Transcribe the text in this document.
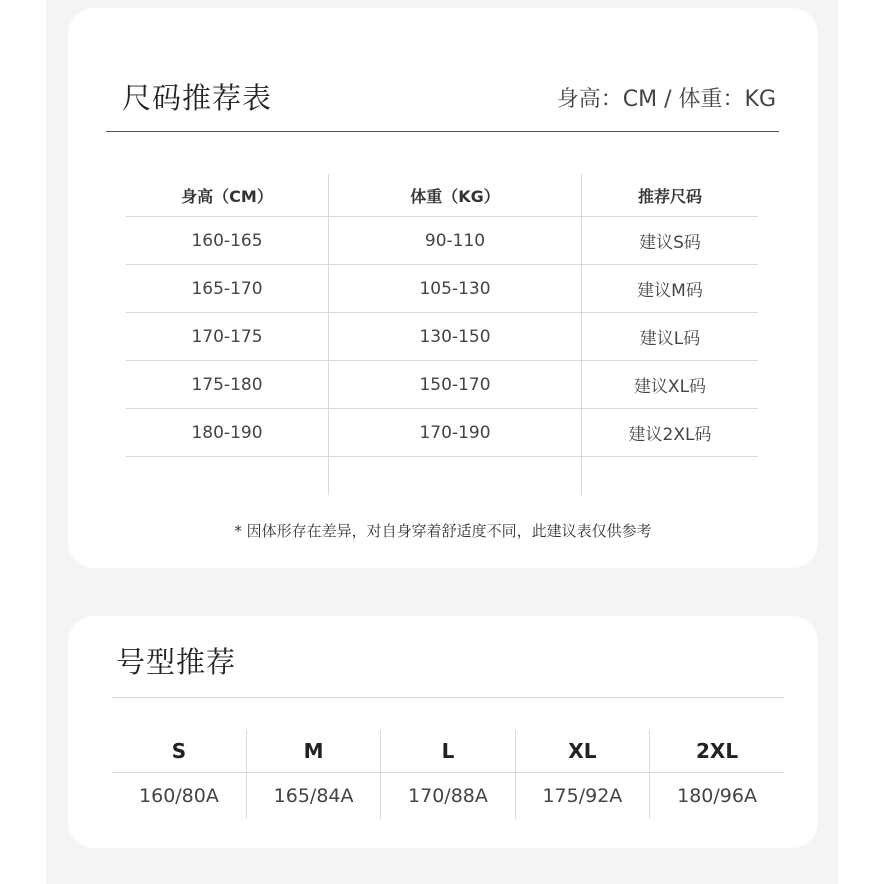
尺码推荐表	身高：CM / 体重：KG
身高（CM）	体重（KG）	推荐尺码
160-165	90-110	建议S码
165-170	105-130	建议M码
170-175	130-150	建议L码
175-180	150-170	建议XL码
180-190	170-190	建议2XL码

* 因体形存在差异，对自身穿着舒适度不同，此建议表仅供参考
号型推荐
S	M	L	XL	2XL
160/80A	165/84A	170/88A	175/92A	180/96A
